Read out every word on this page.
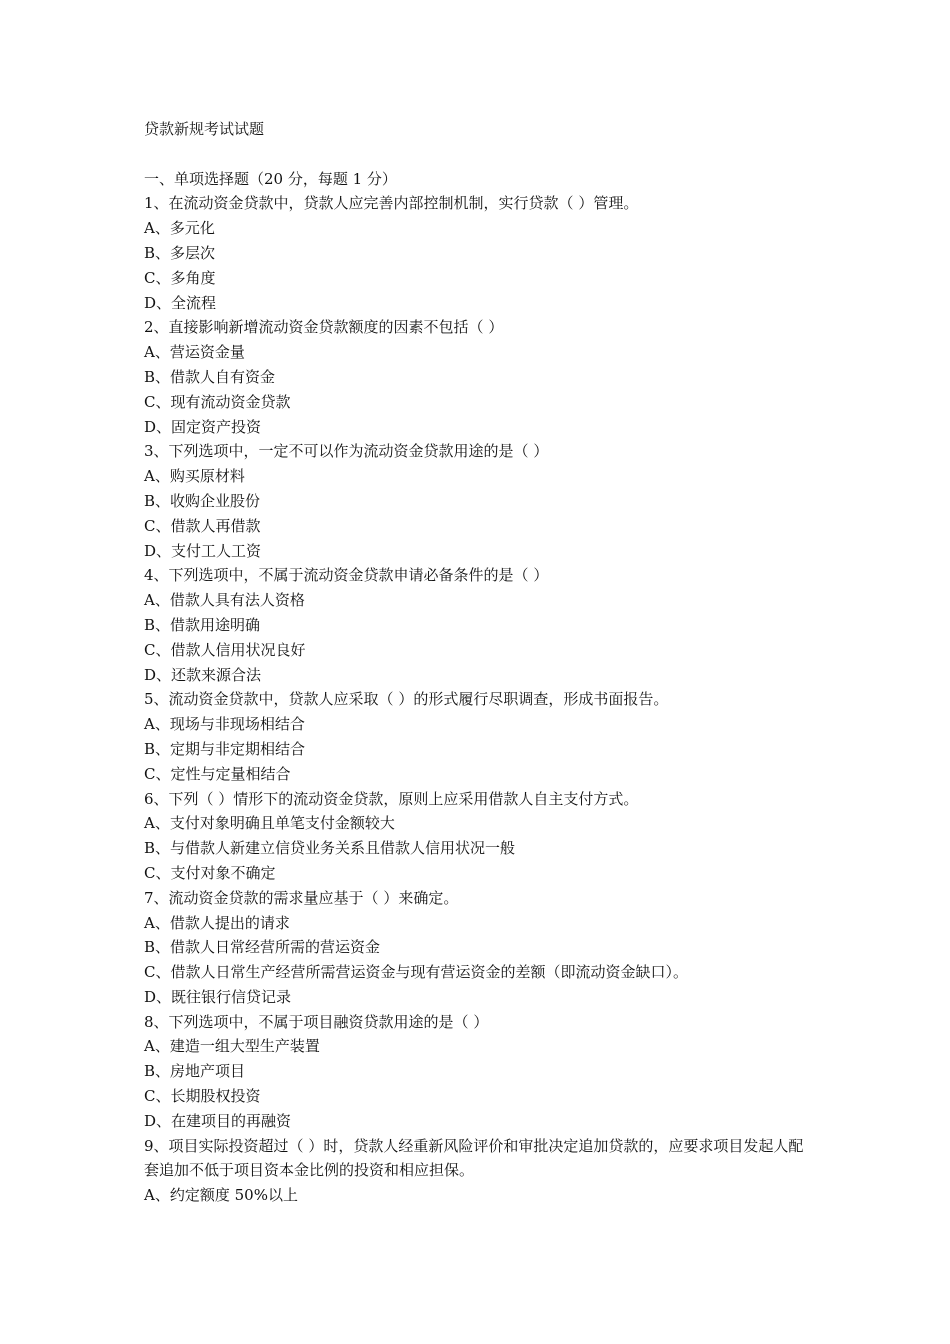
贷款新规考试试题

一、单项选择题（20 分，每题 1 分）

1、在流动资金贷款中，贷款人应完善内部控制机制，实行贷款（ ）管理。

A、多元化

B、多层次

C、多角度

D、全流程

2、直接影响新增流动资金贷款额度的因素不包括（ ）

A、营运资金量

B、借款人自有资金

C、现有流动资金贷款

D、固定资产投资

3、下列选项中，一定不可以作为流动资金贷款用途的是（ ）

A、购买原材料

B、收购企业股份

C、借款人再借款

D、支付工人工资

4、下列选项中，不属于流动资金贷款申请必备条件的是（ ）

A、借款人具有法人资格

B、借款用途明确

C、借款人信用状况良好

D、还款来源合法

5、流动资金贷款中，贷款人应采取（ ）的形式履行尽职调查，形成书面报告。

A、现场与非现场相结合

B、定期与非定期相结合

C、定性与定量相结合

6、下列（ ）情形下的流动资金贷款，原则上应采用借款人自主支付方式。

A、支付对象明确且单笔支付金额较大

B、与借款人新建立信贷业务关系且借款人信用状况一般

C、支付对象不确定

7、流动资金贷款的需求量应基于（ ）来确定。

A、借款人提出的请求

B、借款人日常经营所需的营运资金

C、借款人日常生产经营所需营运资金与现有营运资金的差额（即流动资金缺口）。

D、既往银行信贷记录

8、下列选项中，不属于项目融资贷款用途的是（ ）

A、建造一组大型生产装置

B、房地产项目

C、长期股权投资

D、在建项目的再融资

9、项目实际投资超过（ ）时，贷款人经重新风险评价和审批决定追加贷款的，应要求项目发起人配套追加不低于项目资本金比例的投资和相应担保。

A、约定额度 50%以上
